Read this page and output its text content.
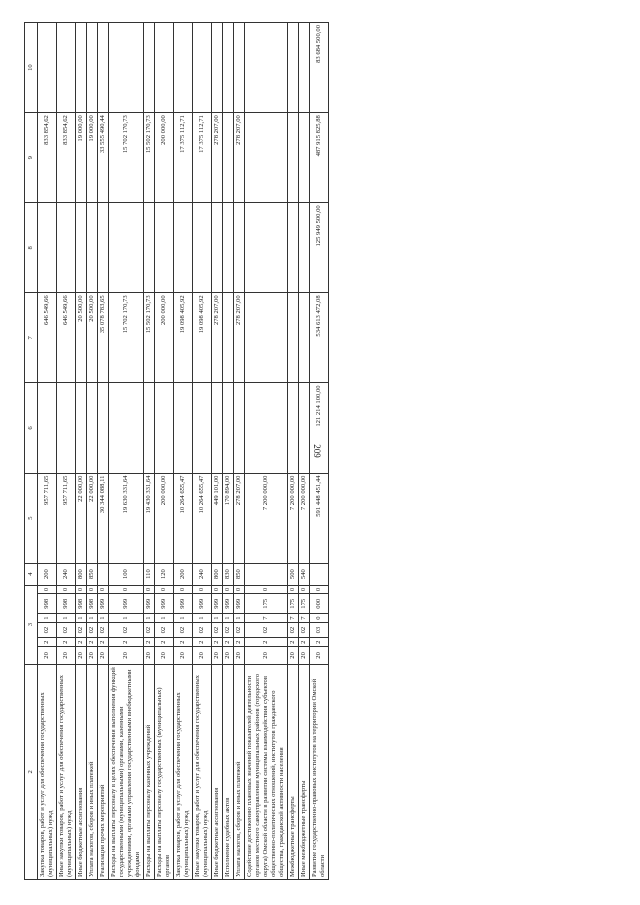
209
2	3						4	5	6	7	8	9	10
Закупка товаров, работ и услуг для обеспечения государственных (муниципальных) нужд	20	2	02	1	998	0	200	957 711,65		646 549,66		833 854,62	
Иные закупки товаров, работ и услуг для обеспечения государственных (муниципальных) нужд	20	2	02	1	998	0	240	957 711,65		646 549,66		833 854,62	
Иные бюджетные ассигнования	20	2	02	1	998	0	800	22 000,00		20 500,00		19 000,00	
Уплата налогов, сборов и иных платежей	20	2	02	1	998	0	850	22 000,00		20 500,00		19 000,00	
Реализация прочих мероприятий	20	2	02	1	999	0		30 344 088,11		35 078 783,65		33 555 490,44	
Расходы на выплаты персоналу в целях обеспечения выполнения функций государственными (муниципальными) органами, казенными учреждениями, органами управления государственными внебюджетными фондами	20	2	02	1	999	0	100	19 630 331,64		15 702 170,73		15 702 170,73	
Расходы на выплаты персоналу казенных учреждений	20	2	02	1	999	0	110	19 430 331,64		15 502 170,73		15 502 170,73	
Расходы на выплаты персоналу государственных (муниципальных) органов	20	2	02	1	999	0	120	200 000,00		200 000,00		200 000,00	
Закупка товаров, работ и услуг для обеспечения государственных (муниципальных) нужд	20	2	02	1	999	0	200	10 264 655,47		19 098 405,92		17 375 112,71	
Иные закупки товаров, работ и услуг для обеспечения государственных (муниципальных) нужд	20	2	02	1	999	0	240	10 264 655,47		19 098 405,92		17 375 112,71	
Иные бюджетные ассигнования	20	2	02	1	999	0	800	449 101,00		278 207,00		278 207,00	
Исполнение судебных актов	20	2	02	1	999	0	830	170 894,00					
Уплата налогов, сборов и иных платежей	20	2	02	1	999	0	850	278 207,00		278 207,00		278 207,00	
Содействие достижению плановых значений показателей деятельности органов местного самоуправления муниципальных районов (городского округа) Омской области в развитии системы взаимодействия субъектов общественно-политических отношений, институтов гражданского общества, гражданской активности населения	20	2	02	7	175	0		7 200 000,00					
Межбюджетные трансферты	20	2	02	7	175	0	500	7 200 000,00					
Иные межбюджетные трансферты	20	2	02	7	175	0	540	7 200 000,00					
Развитие государственно-правовых институтов на территории Омской области	20	2	03	0	000	0		591 448 451,44	121 214 100,00	534 613 472,08	125 949 500,00	487 915 825,88	83 684 500,00
